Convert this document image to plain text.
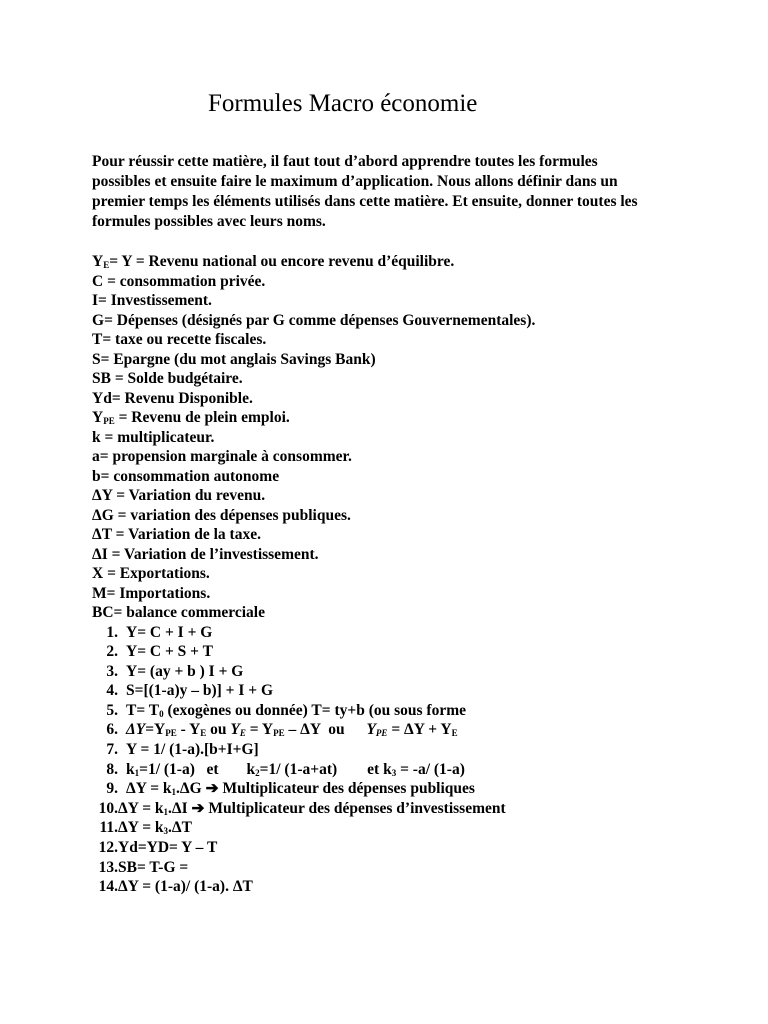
Formules Macro économie
Pour réussir cette matière, il faut tout d’abord apprendre toutes les formules possibles et ensuite faire le maximum d’application. Nous allons définir dans un premier temps les éléments utilisés dans cette matière. Et ensuite, donner toutes les formules possibles avec leurs noms.
$Y_E= Y$ = Revenu national ou encore revenu d’équilibre.
C = consommation privée.
I= Investissement.
G= Dépenses (désignés par G comme dépenses Gouvernementales).
T= taxe ou recette fiscales.
S= Epargne (du mot anglais Savings Bank)
SB = Solde budgétaire.
Yd= Revenu Disponible.
$Y_{PE}$ = Revenu de plein emploi.
k = multiplicateur.
a= propension marginale à consommer.
b= consommation autonome
ΔY = Variation du revenu.
ΔG = variation des dépenses publiques.
ΔT = Variation de la taxe.
ΔI = Variation de l’investissement.
X = Exportations.
M= Importations.
BC= balance commerciale
1. Y= C + I + G
2. Y= C + S + T
3. Y= (ay + b ) I + G
4. S=[(1-a)y – b)] + I + G
5. $T= T_0$ (exogènes ou donnée) T= ty+b (ou sous forme
6. $\Delta Y=Y_{PE} - Y_E$ ou $Y_E = Y_{PE} - \Delta Y$  ou $Y_{PE} = \Delta Y + Y_E$
7. Y = 1/ (1-a).[b+I+G]
8. $k_1=1/$ (1-a)   et $k_2=1/$ (1-a+at) et $k_3 = -a/$ (1-a)
9. $\Delta Y = k_1.\Delta G$ ➔ Multiplicateur des dépenses publiques
10. $\Delta Y = k_1.\Delta I$ ➔ Multiplicateur des dépenses d’investissement
11. $\Delta Y = k_3.\Delta T$
12. Yd=YD= Y – T
13. SB= T-G =
14. ΔY = (1-a)/ (1-a). ΔT
